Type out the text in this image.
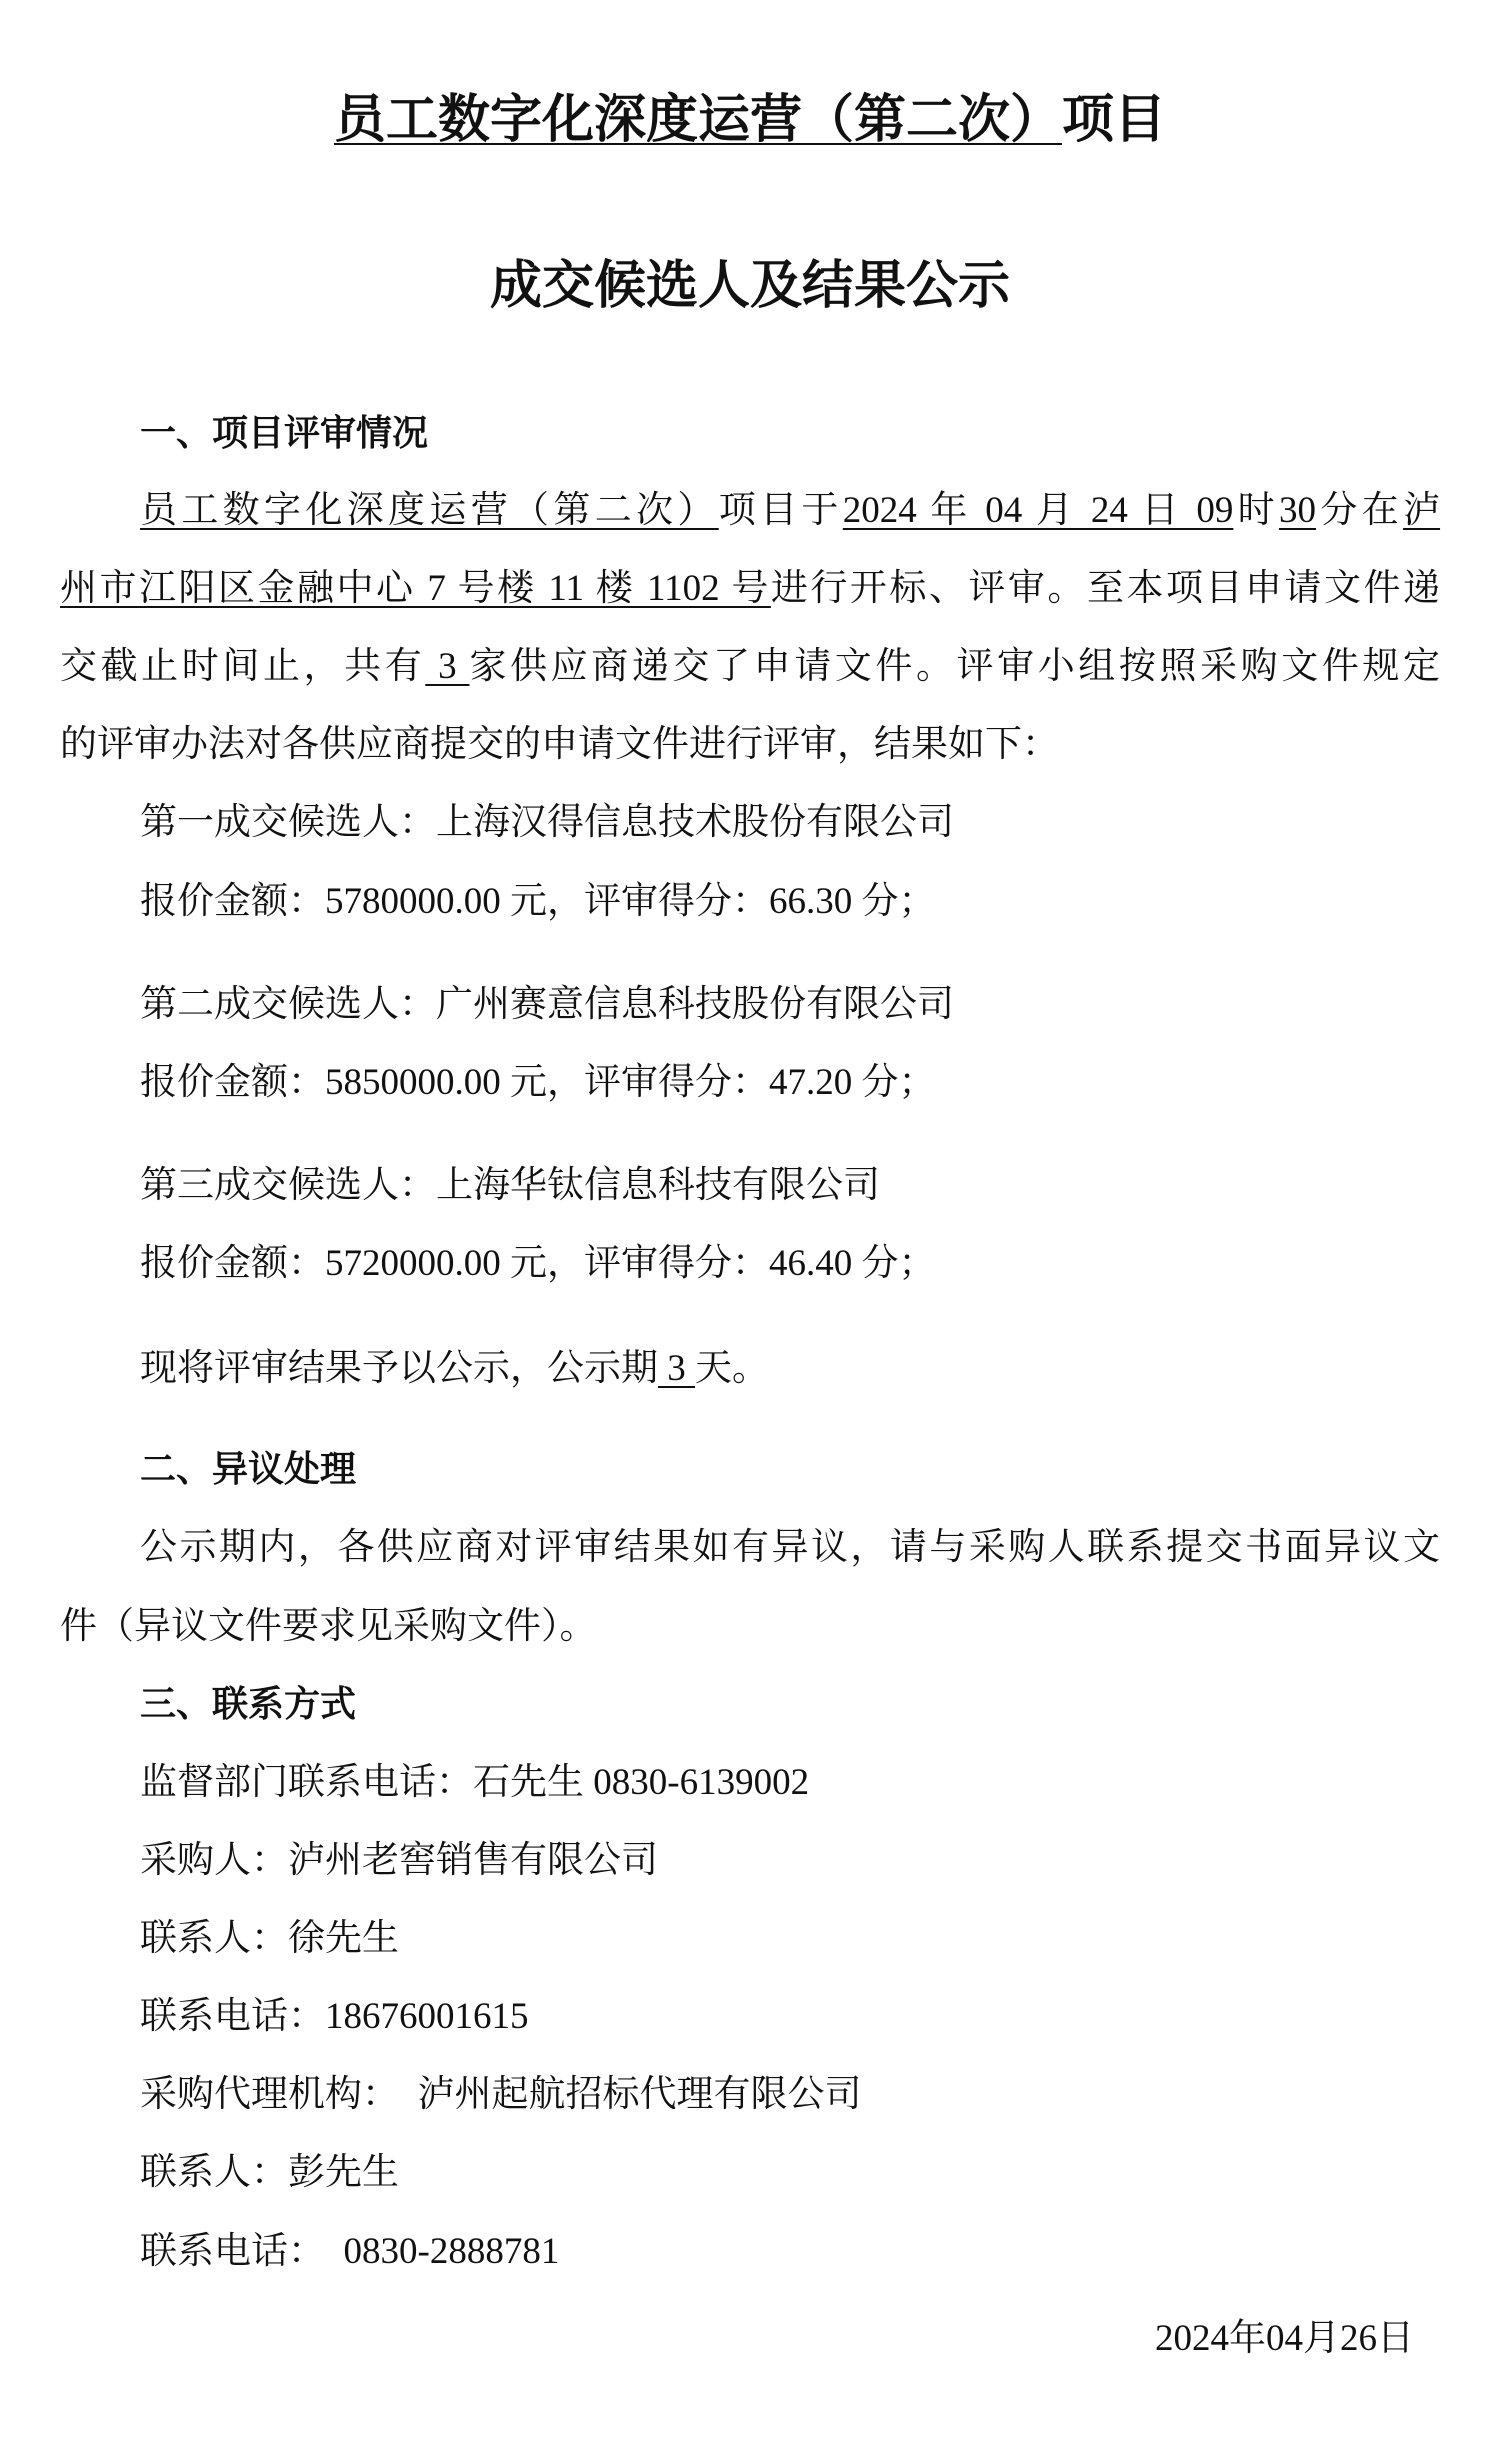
员工数字化深度运营（第二次）项目
成交候选人及结果公示
一、项目评审情况
员工数字化深度运营（第二次）项目于2024 年 04 月 24 日 09时30分在泸
州市江阳区金融中心 7 号楼 11 楼 1102 号进行开标、评审。至本项目申请文件递
交截止时间止，共有 3 家供应商递交了申请文件。评审小组按照采购文件规定
的评审办法对各供应商提交的申请文件进行评审，结果如下：
第一成交候选人：上海汉得信息技术股份有限公司
报价金额：5780000.00 元，评审得分：66.30 分；
第二成交候选人：广州赛意信息科技股份有限公司
报价金额：5850000.00 元，评审得分：47.20 分；
第三成交候选人：上海华钛信息科技有限公司
报价金额：5720000.00 元，评审得分：46.40 分；
现将评审结果予以公示，公示期 3 天。
二、异议处理
公示期内，各供应商对评审结果如有异议，请与采购人联系提交书面异议文
件（异议文件要求见采购文件）。
三、联系方式
监督部门联系电话：石先生 0830-6139002
采购人：泸州老窖销售有限公司
联系人：徐先生
联系电话：18676001615
采购代理机构：  泸州起航招标代理有限公司
联系人：彭先生
联系电话：  0830-2888781
2024年04月26日
